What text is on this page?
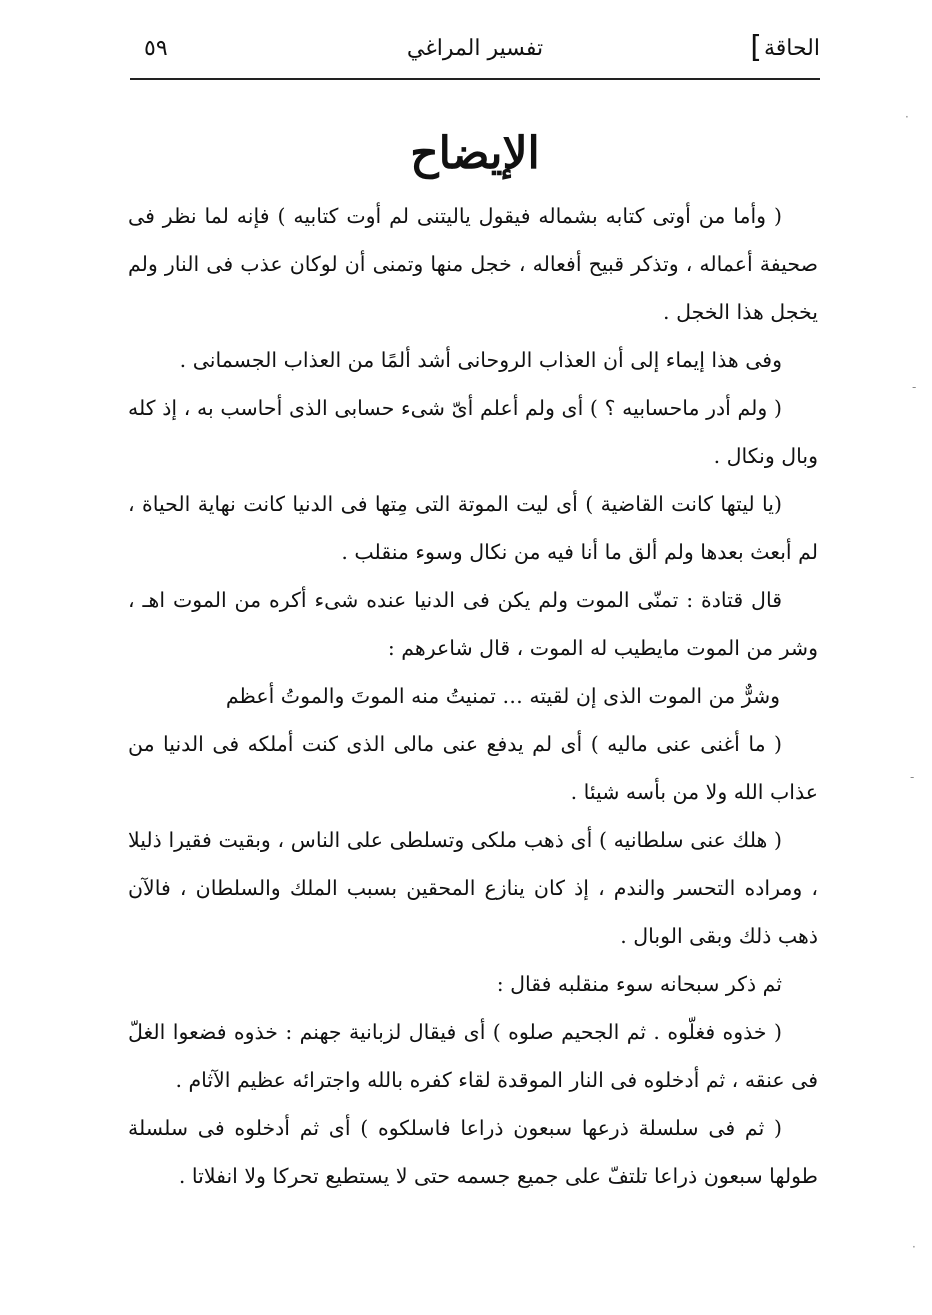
الحاقة
]
تفسير المراغي
٥٩
الإيضاح

( وأما من أوتى كتابه بشماله فيقول ياليتنى لم أوت كتابيه ) فإنه لما نظر فى صحيفة أعماله ، وتذكر قبيح أفعاله ، خجل منها وتمنى أن لوكان عذب فى النار ولم يخجل هذا الخجل .

وفى هذا إيماء إلى أن العذاب الروحانى أشد ألمًا من العذاب الجسمانى .

( ولم أدر ماحسابيه ؟ ) أى ولم أعلم أىّ شىء حسابى الذى أحاسب به ، إذ كله وبال ونكال .

(يا ليتها كانت القاضية ) أى ليت الموتة التى مِتها فى الدنيا كانت نهاية الحياة ، لم أبعث بعدها ولم ألق ما أنا فيه من نكال وسوء منقلب .

قال قتادة : تمنّى الموت ولم يكن فى الدنيا عنده شىء أكره من الموت اهـ ، وشر من الموت مايطيب له الموت ، قال شاعرهم :

وشرٌّ من الموت الذى إن لقيته … تمنيتُ منه الموتَ والموتُ أعظم

( ما أغنى عنى ماليه ) أى لم يدفع عنى مالى الذى كنت أملكه فى الدنيا من عذاب الله ولا من بأسه شيئا .

( هلك عنى سلطانيه ) أى ذهب ملكى وتسلطى على الناس ، وبقيت فقيرا ذليلا ، ومراده التحسر والندم ، إذ كان ينازع المحقين بسبب الملك والسلطان ، فالآن ذهب ذلك وبقى الوبال .

ثم ذكر سبحانه سوء منقلبه فقال :

( خذوه فغلّوه . ثم الجحيم صلوه ) أى فيقال لزبانية جهنم : خذوه فضعوا الغلّ فى عنقه ، ثم أدخلوه فى النار الموقدة لقاء كفره بالله واجترائه عظيم الآثام .

( ثم فى سلسلة ذرعها سبعون ذراعا فاسلكوه ) أى ثم أدخلوه فى سلسلة طولها سبعون ذراعا تلتفّ على جميع جسمه حتى لا يستطيع تحركا ولا انفلاتا .

·
-
-
·
